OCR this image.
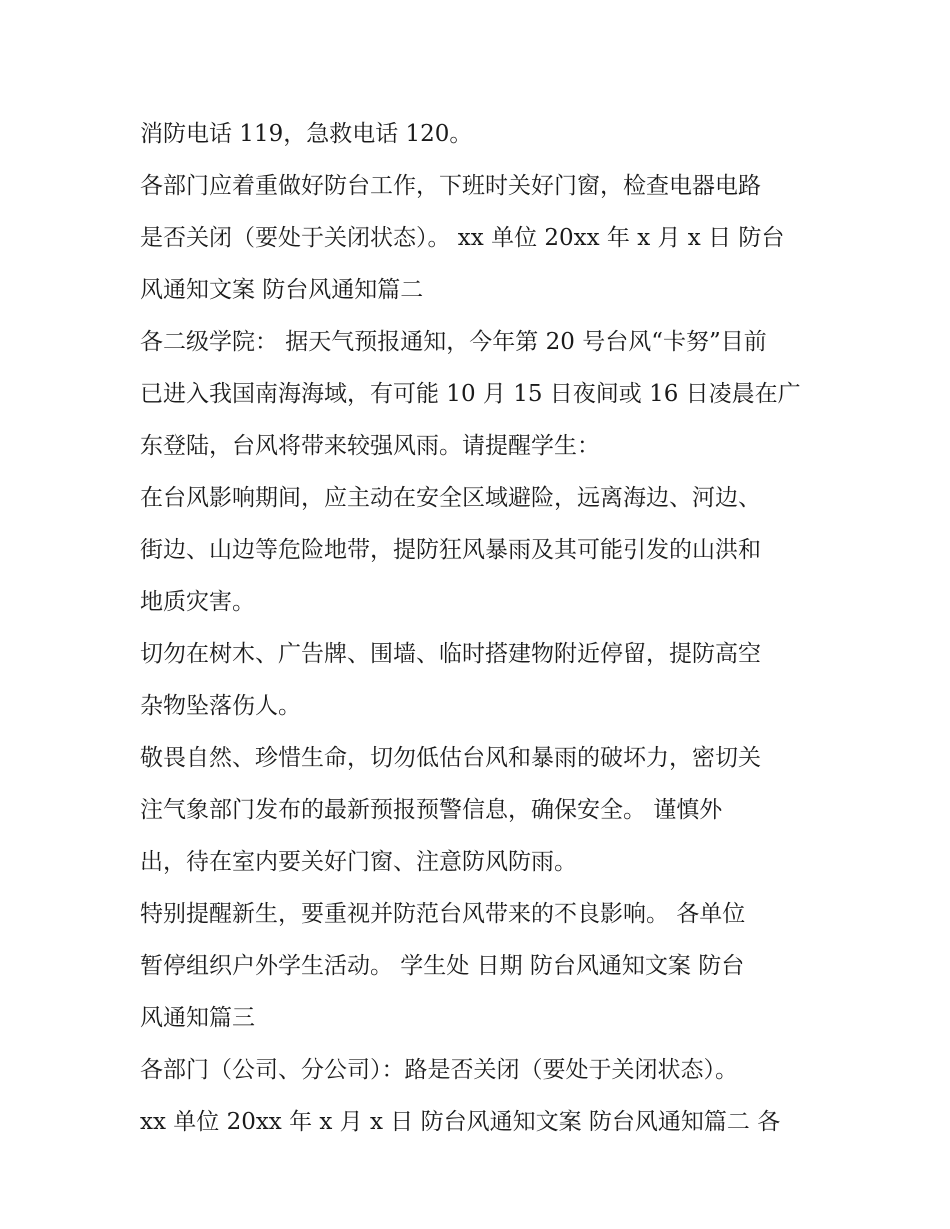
消防电话 119，急救电话 120。
各部门应着重做好防台工作，下班时关好门窗，检查电器电路
是否关闭（要处于关闭状态）。 xx 单位 20xx 年 x 月 x 日 防台
风通知文案 防台风通知篇二
各二级学院： 据天气预报通知，今年第 20 号台风“卡努”目前
已进入我国南海海域，有可能 10 月 15 日夜间或 16 日凌晨在广
东登陆，台风将带来较强风雨。请提醒学生：
在台风影响期间，应主动在安全区域避险，远离海边、河边、
街边、山边等危险地带，提防狂风暴雨及其可能引发的山洪和
地质灾害。
切勿在树木、广告牌、围墙、临时搭建物附近停留，提防高空
杂物坠落伤人。
敬畏自然、珍惜生命，切勿低估台风和暴雨的破坏力，密切关
注气象部门发布的最新预报预警信息，确保安全。 谨慎外
出，待在室内要关好门窗、注意防风防雨。
特别提醒新生，要重视并防范台风带来的不良影响。 各单位
暂停组织户外学生活动。 学生处 日期 防台风通知文案 防台
风通知篇三
各部门（公司、分公司）：路是否关闭（要处于关闭状态）。
xx 单位 20xx 年 x 月 x 日 防台风通知文案 防台风通知篇二 各
